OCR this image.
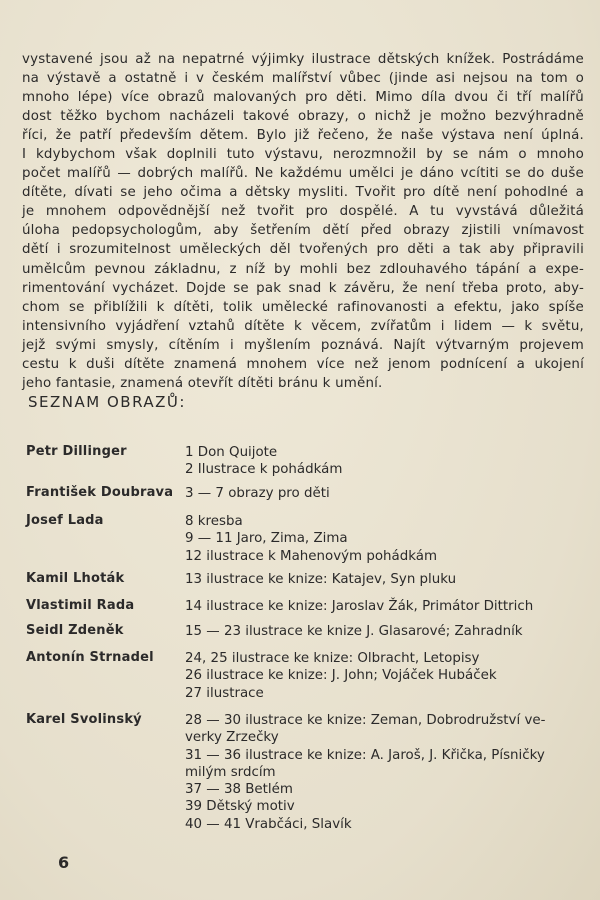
vystavené jsou až na nepatrné výjimky ilustrace dětských knížek. Postrádáme
na výstavě a ostatně i v českém malířství vůbec (jinde asi nejsou na tom o
mnoho lépe) více obrazů malovaných pro děti. Mimo díla dvou či tří malířů
dost těžko bychom nacházeli takové obrazy, o nichž je možno bezvýhradně
říci, že patří především dětem. Bylo již řečeno, že naše výstava není úplná.
I kdybychom však doplnili tuto výstavu, nerozmnožil by se nám o mnoho
počet malířů — dobrých malířů. Ne každému umělci je dáno vcítiti se do duše
dítěte, dívati se jeho očima a dětsky mysliti. Tvořit pro dítě není pohodlné a
je mnohem odpovědnější než tvořit pro dospělé. A tu vyvstává důležitá
úloha pedopsychologům, aby šetřením dětí před obrazy zjistili vnímavost
dětí i srozumitelnost uměleckých děl tvořených pro děti a tak aby připravili
umělcům pevnou základnu, z níž by mohli bez zdlouhavého tápání a expe-
rimentování vycházet. Dojde se pak snad k závěru, že není třeba proto, aby-
chom se přiblížili k dítěti, tolik umělecké rafinovanosti a efektu, jako spíše
intensivního vyjádření vztahů dítěte k věcem, zvířatům i lidem — k světu,
jejž svými smysly, cítěním i myšlením poznává. Najít výtvarným projevem
cestu k duši dítěte znamená mnohem více než jenom podnícení a ukojení
jeho fantasie, znamená otevřít dítěti bránu k umění.
SEZNAM OBRAZŮ:
Petr Dillinger	1 Don Quijote
2 Ilustrace k pohádkám
František Doubrava 3 — 7 obrazy pro děti
Josef Lada	8 kresba
9 — 11 Jaro, Zima, Zima
12 ilustrace k Mahenovým pohádkám
Kamil Lhoták	13 ilustrace ke knize: Katajev, Syn pluku
Vlastimil Rada	14 ilustrace ke knize: Jaroslav Žák, Primátor Dittrich
Seidl Zdeněk	15 — 23 ilustrace ke knize J. Glasarové; Zahradník
Antonín Strnadel 24, 25 ilustrace ke knize: Olbracht, Letopisy
26 ilustrace ke knize: J. John; Vojáček Hubáček
27 ilustrace
Karel Svolinský	28 — 30 ilustrace ke knize: Zeman, Dobrodružství ve-
verky Zrzečky
31 — 36 ilustrace ke knize: A. Jaroš, J. Křička, Písničky
milým srdcím
37 — 38 Betlém
39 Dětský motiv
40 — 41 Vrabčáci, Slavík
6
